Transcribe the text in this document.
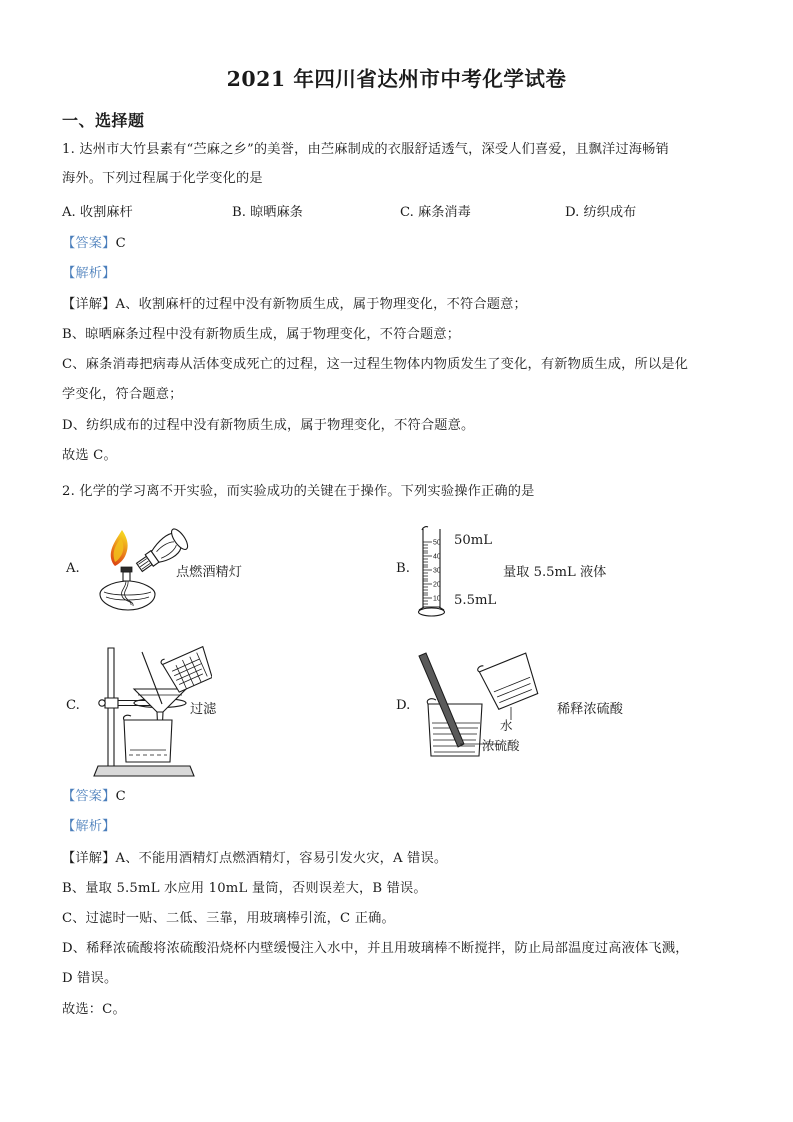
2021 年四川省达州市中考化学试卷
一、选择题
1. 达州市大竹县素有“苎麻之乡”的美誉，由苎麻制成的衣服舒适透气，深受人们喜爱，且飘洋过海畅销
海外。下列过程属于化学变化的是
A. 收割麻杆	B. 晾晒麻条	C. 麻条消毒	D. 纺织成布
【答案】C
【解析】
【详解】A、收割麻杆的过程中没有新物质生成，属于物理变化，不符合题意；
B、晾晒麻条过程中没有新物质生成，属于物理变化，不符合题意；
C、麻条消毒把病毒从活体变成死亡的过程，这一过程生物体内物质发生了变化，有新物质生成，所以是化
学变化，符合题意；
D、纺织成布的过程中没有新物质生成，属于物理变化，不符合题意。
故选 C。
2. 化学的学习离不开实验，而实验成功的关键在于操作。下列实验操作正确的是
A.	点燃酒精灯	B.
50
40
30
20
10
50mL
5.5mL
量取 5.5mL 液体
C.	过滤	D.
水
浓硫酸
稀释浓硫酸
【答案】C
【解析】
【详解】A、不能用酒精灯点燃酒精灯，容易引发火灾，A 错误。
B、量取 5.5mL 水应用 10mL 量筒，否则误差大，B 错误。
C、过滤时一贴、二低、三靠，用玻璃棒引流，C 正确。
D、稀释浓硫酸将浓硫酸沿烧杯内壁缓慢注入水中，并且用玻璃棒不断搅拌，防止局部温度过高液体飞溅，
D 错误。
故选：C。
